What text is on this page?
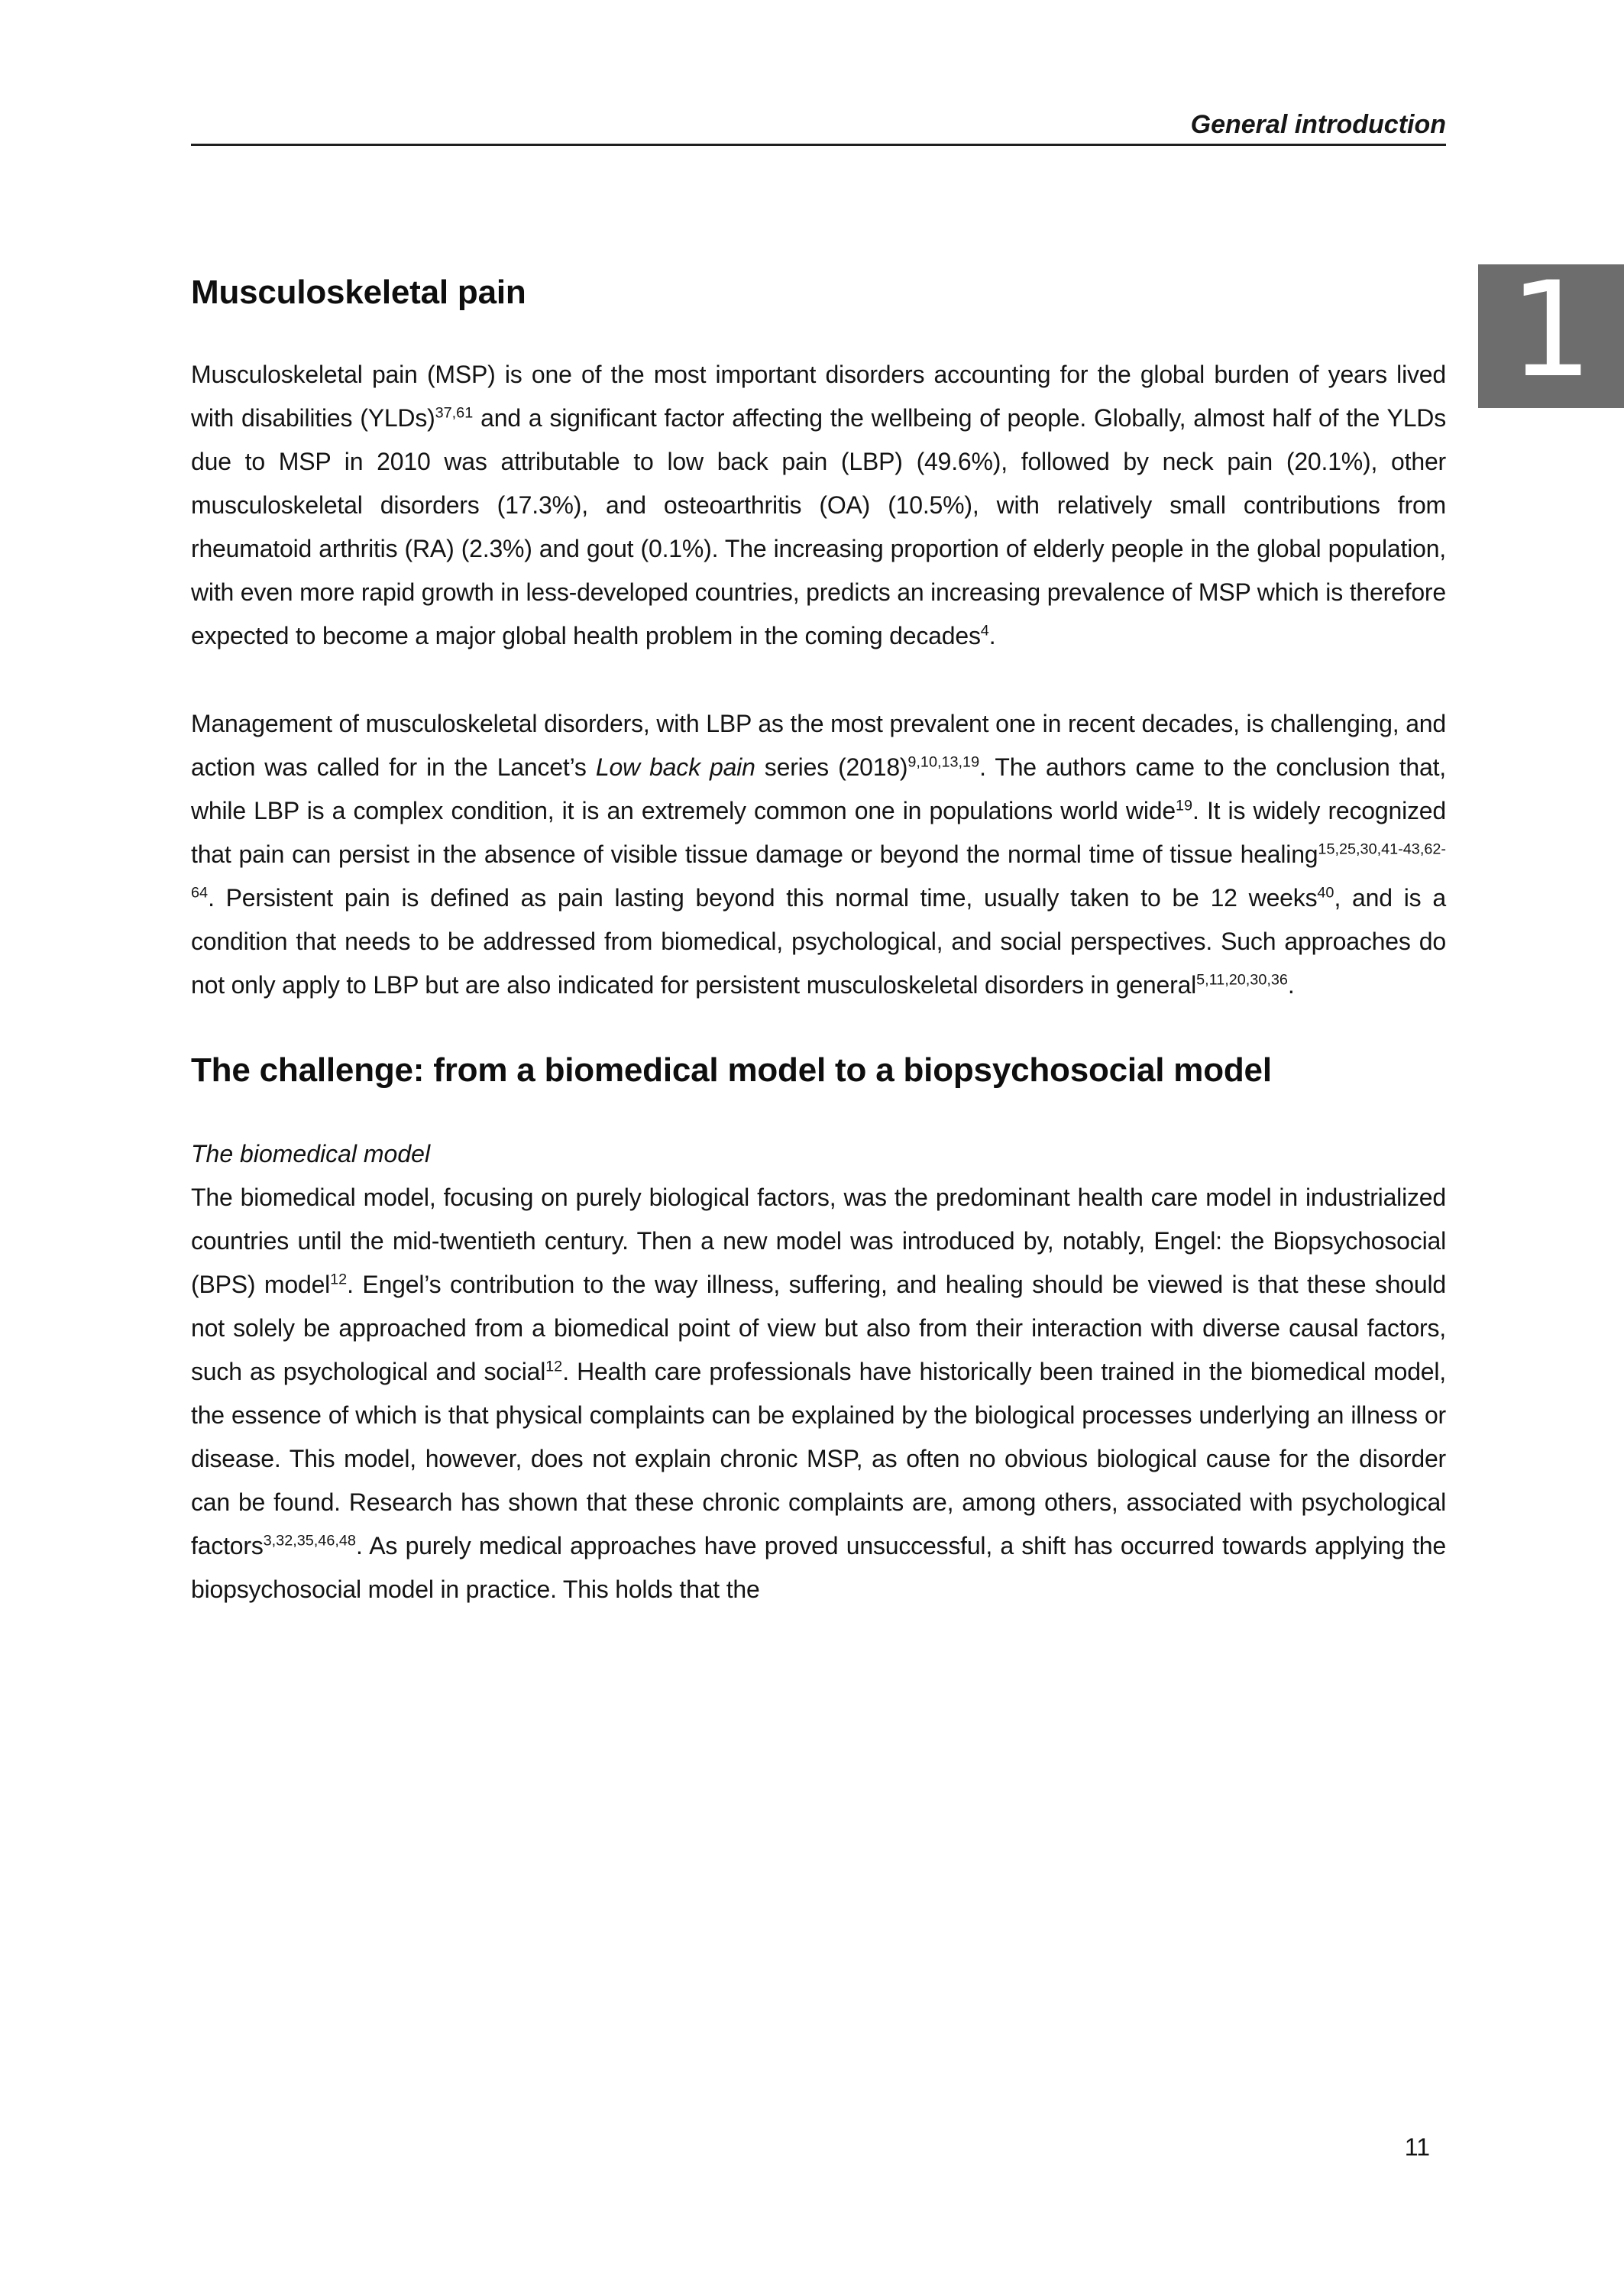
General introduction
1
Musculoskeletal pain

Musculoskeletal pain (MSP) is one of the most important disorders accounting for the global burden of years lived with disabilities (YLDs)$^{37,61}$ and a significant factor affecting the wellbeing of people. Globally, almost half of the YLDs due to MSP in 2010 was attributable to low back pain (LBP) (49.6%), followed by neck pain (20.1%), other musculoskeletal disorders (17.3%), and osteoarthritis (OA) (10.5%), with relatively small contributions from rheumatoid arthritis (RA) (2.3%) and gout (0.1%). The increasing proportion of elderly people in the global population, with even more rapid growth in less-developed countries, predicts an increasing prevalence of MSP which is therefore expected to become a major global health problem in the coming decades$^4$.

Management of musculoskeletal disorders, with LBP as the most prevalent one in recent decades, is challenging, and action was called for in the Lancet’s Low back pain series $(2018)^{9,10,13,19}$. The authors came to the conclusion that, while LBP is a complex condition, it is an extremely common one in populations world wide$^{19}$. It is widely recognized that pain can persist in the absence of visible tissue damage or beyond the normal time of tissue healing$^{15,25,30,41-43,62-64}$. Persistent pain is defined as pain lasting beyond this normal time, usually taken to be 12 weeks$^{40}$, and is a condition that needs to be addressed from biomedical, psychological, and social perspectives. Such approaches do not only apply to LBP but are also indicated for persistent musculoskeletal disorders in general$^{5,11,20,30,36}$.

The challenge: from a biomedical model to a biopsychosocial model
The biomedical model

The biomedical model, focusing on purely biological factors, was the predominant health care model in industrialized countries until the mid-twentieth century. Then a new model was introduced by, notably, Engel: the Biopsychosocial (BPS) model$^{12}$. Engel’s contribution to the way illness, suffering, and healing should be viewed is that these should not solely be approached from a biomedical point of view but also from their interaction with diverse causal factors, such as psychological and social$^{12}$. Health care professionals have historically been trained in the biomedical model, the essence of which is that physical complaints can be explained by the biological processes underlying an illness or disease. This model, however, does not explain chronic MSP, as often no obvious biological cause for the disorder can be found. Research has shown that these chronic complaints are, among others, associated with psychological factors$^{3,32,35,46,48}$. As purely medical approaches have proved unsuccessful, a shift has occurred towards applying the biopsychosocial model in practice. This holds that the

11
